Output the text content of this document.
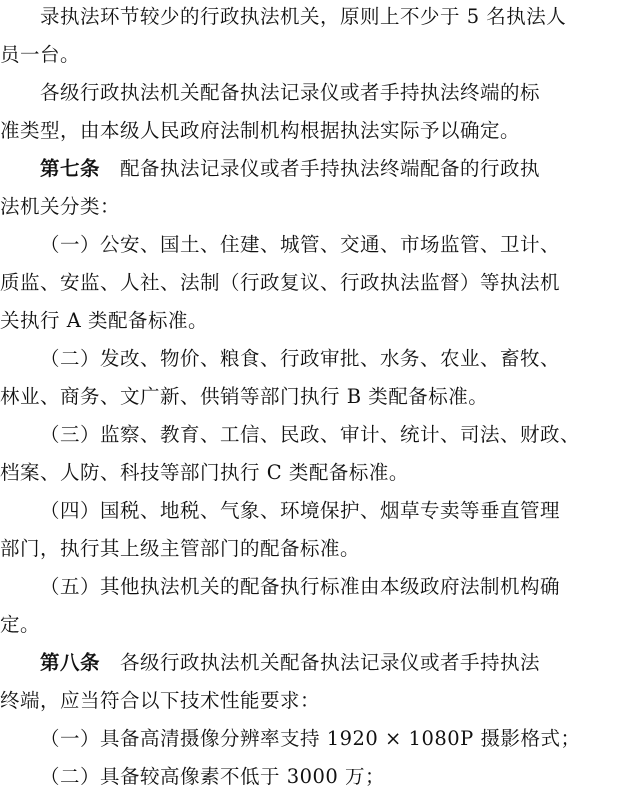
录执法环节较少的行政执法机关，原则上不少于 5 名执法人
员一台。
各级行政执法机关配备执法记录仪或者手持执法终端的标
准类型，由本级人民政府法制机构根据执法实际予以确定。
第七条 配备执法记录仪或者手持执法终端配备的行政执
法机关分类：
（一）公安、国土、住建、城管、交通、市场监管、卫计、
质监、安监、人社、法制（行政复议、行政执法监督）等执法机
关执行 A 类配备标准。
（二）发改、物价、粮食、行政审批、水务、农业、畜牧、
林业、商务、文广新、供销等部门执行 B 类配备标准。
（三）监察、教育、工信、民政、审计、统计、司法、财政、
档案、人防、科技等部门执行 C 类配备标准。
（四）国税、地税、气象、环境保护、烟草专卖等垂直管理
部门，执行其上级主管部门的配备标准。
（五）其他执法机关的配备执行标准由本级政府法制机构确
定。
第八条 各级行政执法机关配备执法记录仪或者手持执法
终端，应当符合以下技术性能要求：
（一）具备高清摄像分辨率支持 1920 × 1080P 摄影格式；
（二）具备较高像素不低于 3000 万；
